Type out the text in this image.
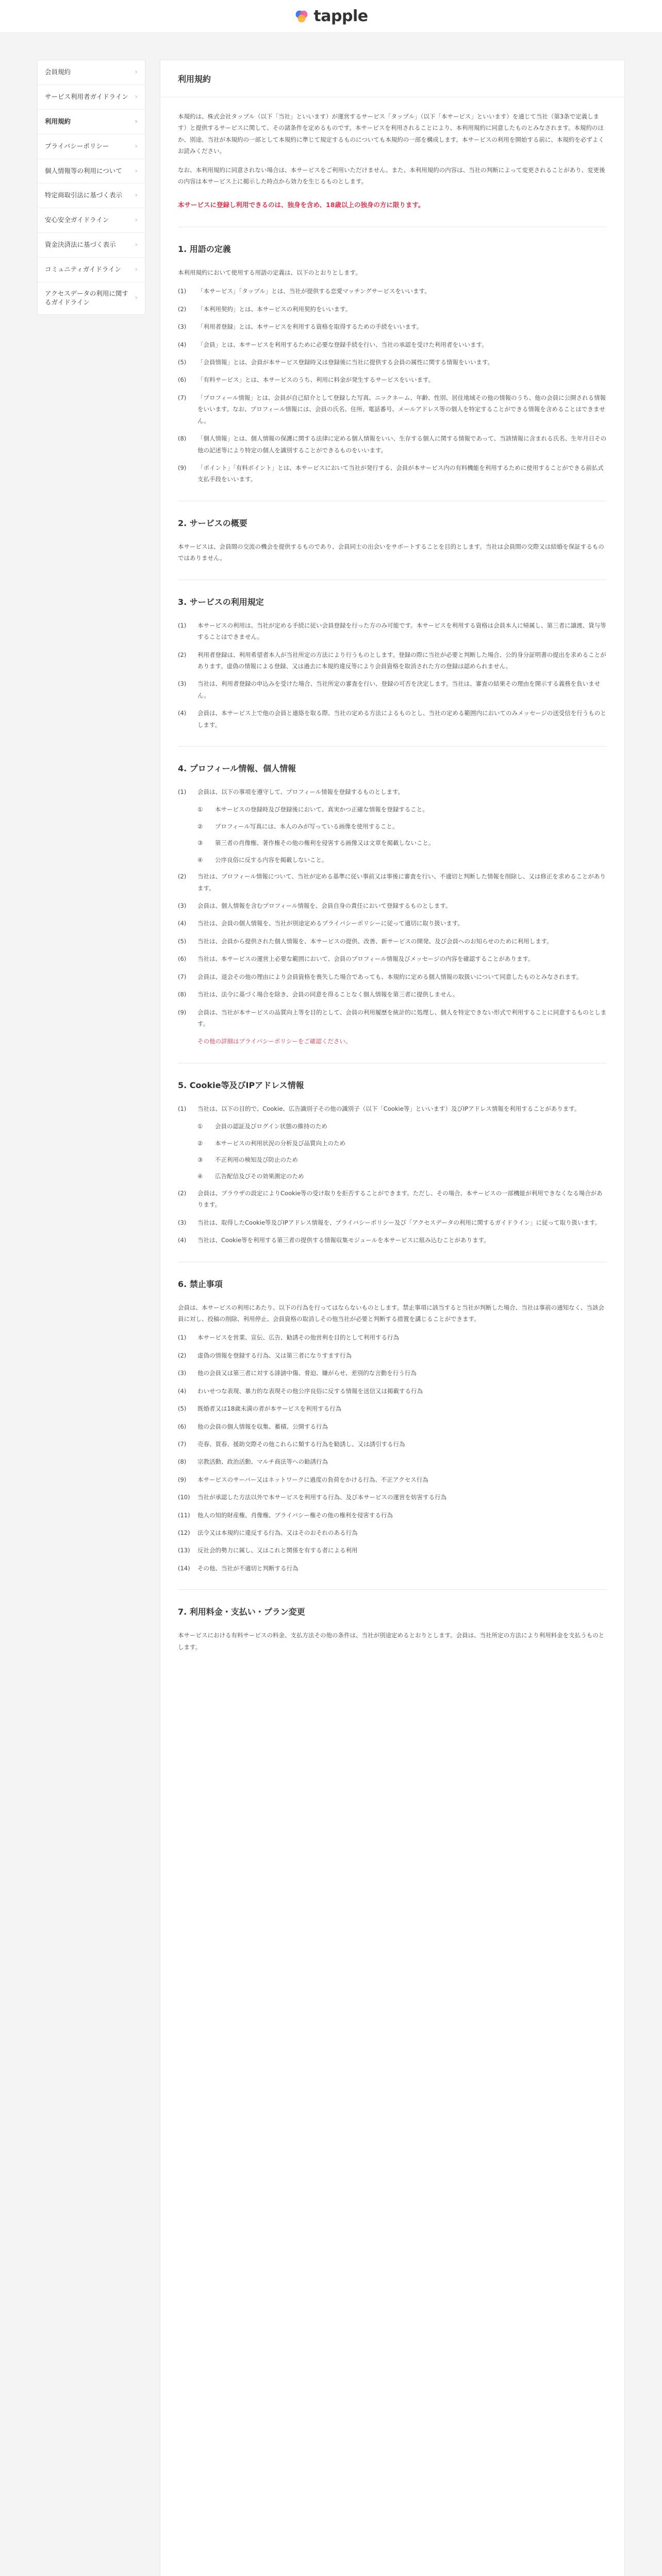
tapple
会員規約	›
サービス利用者ガイドライン ›
利用規約	›
プライバシーポリシー	›
個人情報等の利用について ›
特定商取引法に基づく表示 ›
安心安全ガイドライン	›
資金決済法に基づく表示	›
コミュニティガイドライン ›
アクセスデータの利用に関するガイドライン	›
利用規約

本規約は、株式会社タップル（以下「当社」といいます）が運営するサービス「タップル」（以下「本サービス」といいます）を通じて当社（第3条で定義します）と提供するサービスに関して、その諸条件を定めるものです。本サービスを利用されることにより、本利用規約に同意したものとみなされます。本規約のほか、別途、当社が本規約の一部として本規約に準じて規定するものについても本規約の一部を構成します。本サービスの利用を開始する前に、本規約を必ずよくお読みください。

なお、本利用規約に同意されない場合は、本サービスをご利用いただけません。また、本利用規約の内容は、当社の判断によって変更されることがあり、変更後の内容は本サービス上に掲示した時点から効力を生じるものとします。

本サービスに登録し利用できるのは、独身を含め、18歳以上の独身の方に限ります。

1. 用語の定義

本利用規約において使用する用語の定義は、以下のとおりとします。

(1)	「本サービス」「タップル」とは、当社が提供する恋愛マッチングサービスをいいます。
(2)	「本利用契約」とは、本サービスの利用契約をいいます。
(3)	「利用者登録」とは、本サービスを利用する資格を取得するための手続をいいます。
(4)	「会員」とは、本サービスを利用するために必要な登録手続を行い、当社の承認を受けた利用者をいいます。
(5)	「会員情報」とは、会員が本サービス登録時又は登録後に当社に提供する会員の属性に関する情報をいいます。
(6)	「有料サービス」とは、本サービスのうち、利用に料金が発生するサービスをいいます。
(7)	「プロフィール情報」とは、会員が自己紹介として登録した写真、ニックネーム、年齢、性別、居住地域その他の情報のうち、他の会員に公開される情報をいいます。なお、プロフィール情報には、会員の氏名、住所、電話番号、メールアドレス等の個人を特定することができる情報を含めることはできません。
(8)	「個人情報」とは、個人情報の保護に関する法律に定める個人情報をいい、生存する個人に関する情報であって、当該情報に含まれる氏名、生年月日その他の記述等により特定の個人を識別することができるものをいいます。
(9)	「ポイント」「有料ポイント」とは、本サービスにおいて当社が発行する、会員が本サービス内の有料機能を利用するために使用することができる前払式支払手段をいいます。
2. サービスの概要

本サービスは、会員間の交流の機会を提供するものであり、会員同士の出会いをサポートすることを目的とします。当社は会員間の交際又は結婚を保証するものではありません。

3. サービスの利用規定
(1)	本サービスの利用は、当社が定める手続に従い会員登録を行った方のみ可能です。本サービスを利用する資格は会員本人に帰属し、第三者に譲渡、貸与等することはできません。
(2)	利用者登録は、利用希望者本人が当社所定の方法により行うものとします。登録の際に当社が必要と判断した場合、公的身分証明書の提出を求めることがあります。虚偽の情報による登録、又は過去に本規約違反等により会員資格を取消された方の登録は認められません。
(3)	当社は、利用者登録の申込みを受けた場合、当社所定の審査を行い、登録の可否を決定します。当社は、審査の結果その理由を開示する義務を負いません。
(4)	会員は、本サービス上で他の会員と連絡を取る際、当社の定める方法によるものとし、当社の定める範囲内においてのみメッセージの送受信を行うものとします。
4. プロフィール情報、個人情報
(1)	会員は、以下の事項を遵守して、プロフィール情報を登録するものとします。
①	本サービスの登録時及び登録後において、真実かつ正確な情報を登録すること。
②	プロフィール写真には、本人のみが写っている画像を使用すること。
③	第三者の肖像権、著作権その他の権利を侵害する画像又は文章を掲載しないこと。
④	公序良俗に反する内容を掲載しないこと。
(2)	当社は、プロフィール情報について、当社が定める基準に従い事前又は事後に審査を行い、不適切と判断した情報を削除し、又は修正を求めることがあります。
(3)	会員は、個人情報を含むプロフィール情報を、会員自身の責任において登録するものとします。
(4)	当社は、会員の個人情報を、当社が別途定めるプライバシーポリシーに従って適切に取り扱います。
(5)	当社は、会員から提供された個人情報を、本サービスの提供、改善、新サービスの開発、及び会員へのお知らせのために利用します。
(6)	当社は、本サービスの運営上必要な範囲において、会員のプロフィール情報及びメッセージの内容を確認することがあります。
(7)	会員は、退会その他の理由により会員資格を喪失した場合であっても、本規約に定める個人情報の取扱いについて同意したものとみなされます。
(8)	当社は、法令に基づく場合を除き、会員の同意を得ることなく個人情報を第三者に提供しません。
(9)	会員は、当社が本サービスの品質向上等を目的として、会員の利用履歴を統計的に処理し、個人を特定できない形式で利用することに同意するものとします。
その他の詳細はプライバシーポリシーをご確認ください。
5. Cookie等及びIPアドレス情報
(1)	当社は、以下の目的で、Cookie、広告識別子その他の識別子（以下「Cookie等」といいます）及びIPアドレス情報を利用することがあります。
①	会員の認証及びログイン状態の維持のため
②	本サービスの利用状況の分析及び品質向上のため
③	不正利用の検知及び防止のため
④	広告配信及びその効果測定のため
(2)	会員は、ブラウザの設定によりCookie等の受け取りを拒否することができます。ただし、その場合、本サービスの一部機能が利用できなくなる場合があります。
(3)	当社は、取得したCookie等及びIPアドレス情報を、プライバシーポリシー及び「アクセスデータの利用に関するガイドライン」に従って取り扱います。
(4)	当社は、Cookie等を利用する第三者の提供する情報収集モジュールを本サービスに組み込むことがあります。
6. 禁止事項

会員は、本サービスの利用にあたり、以下の行為を行ってはならないものとします。禁止事項に該当すると当社が判断した場合、当社は事前の通知なく、当該会員に対し、投稿の削除、利用停止、会員資格の取消しその他当社が必要と判断する措置を講じることができます。

(1)	本サービスを営業、宣伝、広告、勧誘その他営利を目的として利用する行為
(2)	虚偽の情報を登録する行為、又は第三者になりすます行為
(3)	他の会員又は第三者に対する誹謗中傷、脅迫、嫌がらせ、差別的な言動を行う行為
(4)	わいせつな表現、暴力的な表現その他公序良俗に反する情報を送信又は掲載する行為
(5)	既婚者又は18歳未満の者が本サービスを利用する行為
(6)	他の会員の個人情報を収集、蓄積、公開する行為
(7)	売春、買春、援助交際その他これらに類する行為を勧誘し、又は誘引する行為
(8)	宗教活動、政治活動、マルチ商法等への勧誘行為
(9)	本サービスのサーバー又はネットワークに過度の負荷をかける行為、不正アクセス行為
(10)	当社が承認した方法以外で本サービスを利用する行為、及び本サービスの運営を妨害する行為
(11)	他人の知的財産権、肖像権、プライバシー権その他の権利を侵害する行為
(12)	法令又は本規約に違反する行為、又はそのおそれのある行為
(13)	反社会的勢力に属し、又はこれと関係を有する者による利用
(14)	その他、当社が不適切と判断する行為
7. 利用料金・支払い・プラン変更

本サービスにおける有料サービスの料金、支払方法その他の条件は、当社が別途定めるとおりとします。会員は、当社所定の方法により利用料金を支払うものとします。
